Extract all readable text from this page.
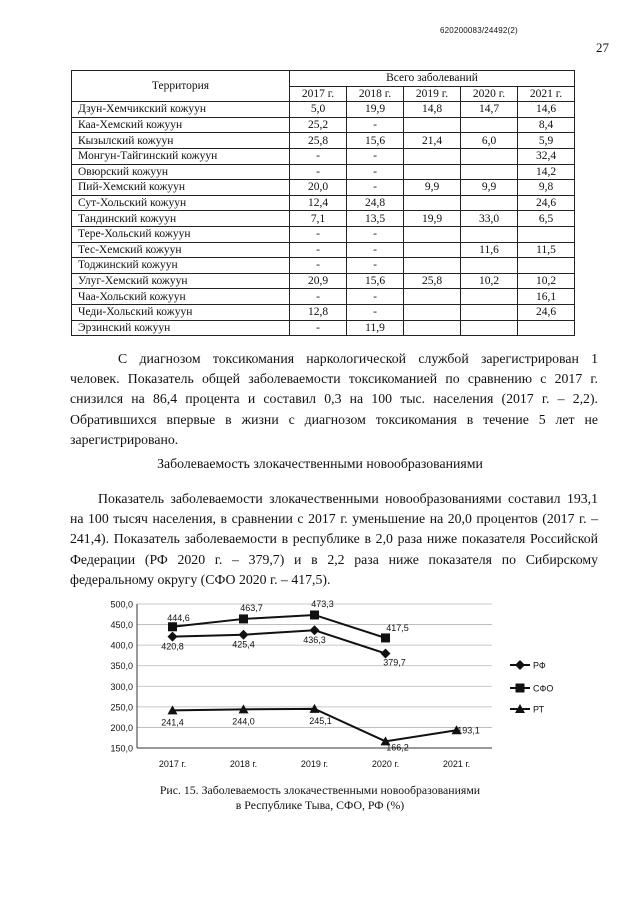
620200083/24492(2)
27
Территория	Всего заболеваний				
	2017 г.	2018 г.	2019 г.	2020 г.	2021 г.
Дзун-Хемчикский кожуун	5,0	19,9	14,8	14,7	14,6
Каа-Хемский кожуун	25,2	-			8,4
Кызылский кожуун	25,8	15,6	21,4	6,0	5,9
Монгун-Тайгинский кожуун	-	-			32,4
Овюрский кожуун	-	-			14,2
Пий-Хемский кожуун	20,0	-	9,9	9,9	9,8
Сут-Хольский кожуун	12,4	24,8			24,6
Тандинский кожуун	7,1	13,5	19,9	33,0	6,5
Тере-Хольский кожуун	-	-			
Тес-Хемский кожуун	-	-		11,6	11,5
Тоджинский кожуун	-	-			
Улуг-Хемский кожуун	20,9	15,6	25,8	10,2	10,2
Чаа-Хольский кожуун	-	-			16,1
Чеди-Хольский кожуун	12,8	-			24,6
Эрзинский кожуун	-	11,9			
С диагнозом токсикомания наркологической службой зарегистрирован 1 человек. Показатель общей заболеваемости токсикоманией по сравнению с 2017 г. снизился на 86,4 процента и составил 0,3 на 100 тыс. населения (2017 г. – 2,2). Обратившихся впервые в жизни с диагнозом токсикомания в течение 5 лет не зарегистрировано.
Заболеваемость злокачественными новообразованиями
Показатель заболеваемости злокачественными новообразованиями составил 193,1 на 100 тысяч населения, в сравнении с 2017 г. уменьшение на 20,0 процентов (2017 г. – 241,4). Показатель заболеваемости в республике в 2,0 раза ниже показателя Российской Федерации (РФ 2020 г. – 379,7) и в 2,2 раза ниже показателя по Сибирскому федеральному округу (СФО 2020 г. – 417,5).
150,0
200,0
250,0
300,0
350,0
400,0
450,0
500,0
2017 г.	2018 г.	2019 г.	2020 г.	2021 г.
420,8	425,4	436,3
379,7
444,6
463,7	473,3
417,5
241,4	244,0	245,1
166,2
193,1
РФ
СФО
РТ
Рис. 15. Заболеваемость злокачественными новообразованиями
в Республике Тыва, СФО, РФ (%)
